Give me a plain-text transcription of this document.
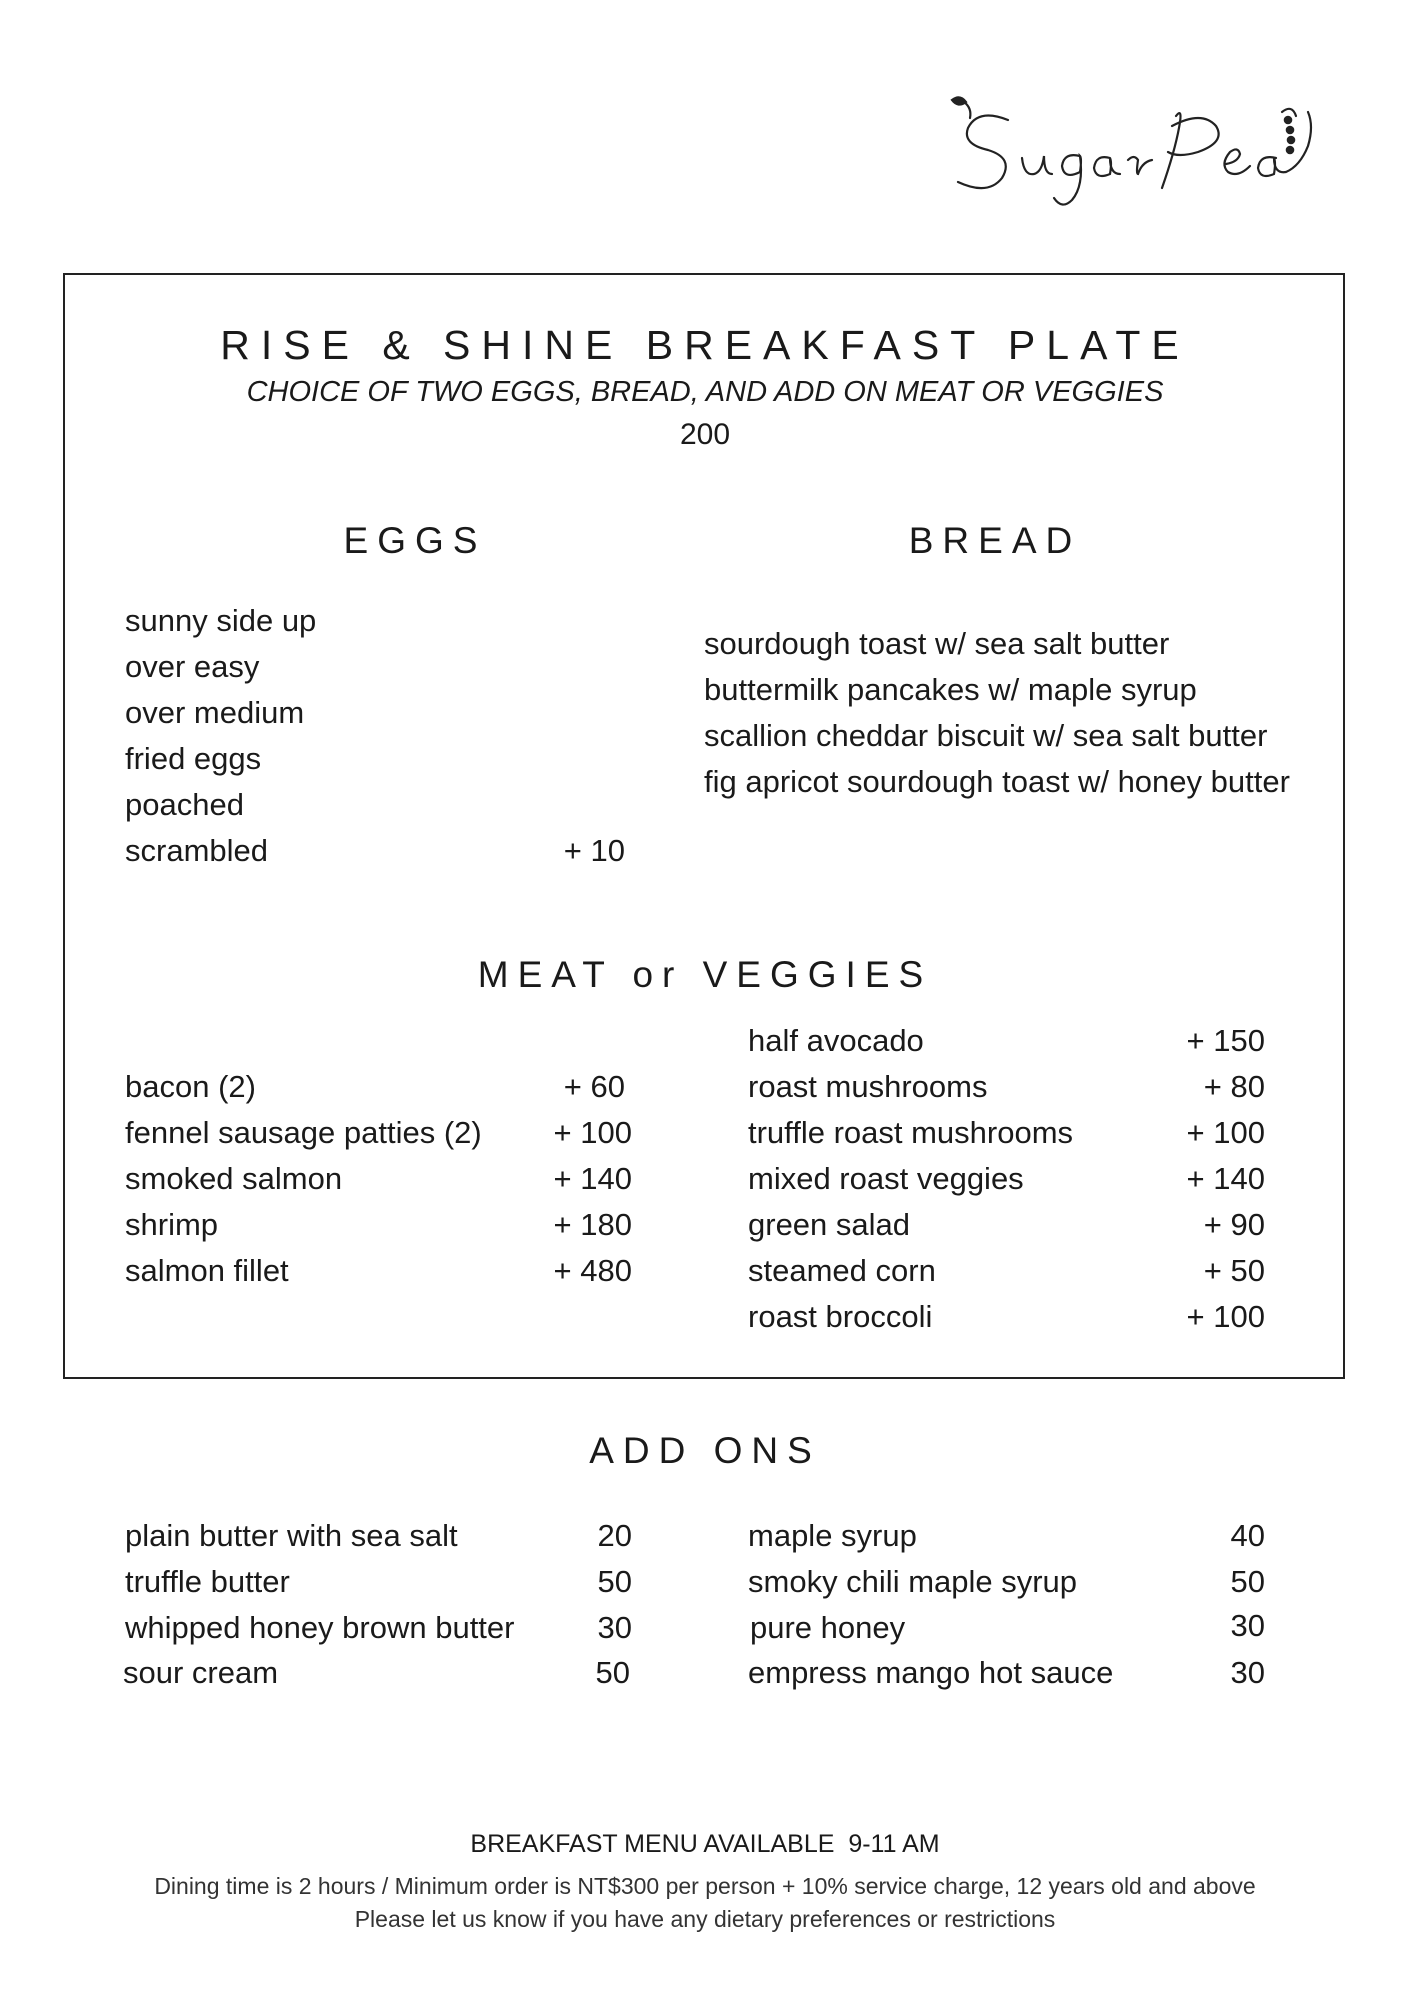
RISE & SHINE BREAKFAST PLATE
CHOICE OF TWO EGGS, BREAD, AND ADD ON MEAT OR VEGGIES
200
EGGS
sunny side up
over easy
over medium
fried eggs
poached
scrambled	+ 10
BREAD
sourdough toast w/ sea salt butter
buttermilk pancakes w/ maple syrup
scallion cheddar biscuit w/ sea salt butter
fig apricot sourdough toast w/ honey butter
MEAT or VEGGIES
bacon (2)	+ 60
fennel sausage patties (2)	+ 100
smoked salmon	+ 140
shrimp	+ 180
salmon fillet	+ 480
half avocado	+ 150
roast mushrooms	+ 80
truffle roast mushrooms	+ 100
mixed roast veggies	+ 140
green salad	+ 90
steamed corn	+ 50
roast broccoli	+ 100
ADD ONS
plain butter with sea salt	20
truffle butter	50
whipped honey brown butter	30
sour cream	50
maple syrup	40
smoky chili maple syrup	50
pure honey	30
empress mango hot sauce	30
BREAKFAST MENU AVAILABLE  9-11 AM
Dining time is 2 hours / Minimum order is NT$300 per person + 10% service charge, 12 years old and above
Please let us know if you have any dietary preferences or restrictions
